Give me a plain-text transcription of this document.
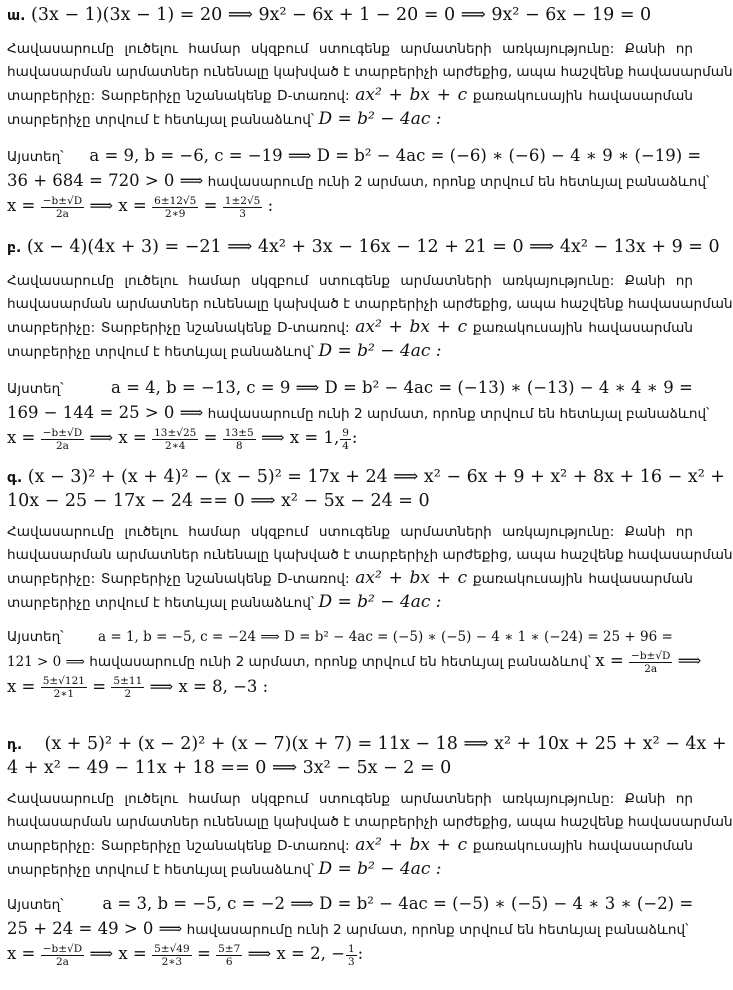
ա. (3x − 1)(3x − 1) = 20 ⟹ 9x² − 6x + 1 − 20 = 0 ⟹ 9x² − 6x − 19 = 0
Հավասարումը լուծելու համար սկզբում ստուգենք արմատների առկայությունը: Քանի որ
հավասարման արմատներ ունենալը կախված է տարբերիչի արժեքից, ապա հաշվենք հավասարման
տարբերիչը: Տարբերիչը նշանակենք D-տառով: ax² + bx + c քառակուսային հավասարման
տարբերիչը տրվում է հետևյալ բանաձևով՝ D = b² − 4ac :
Այստեղ՝ a = 9, b = −6, c = −19 ⟹ D = b² − 4ac = (−6) ∗ (−6) − 4 ∗ 9 ∗ (−19) =
36 + 684 = 720 > 0 ⟹ հավասարումը ունի 2 արմատ, որոնք տրվում են հետևյալ բանաձևով՝
$x = \frac{-b\pm√D}{2a}$ ⟹ $x = \frac{6\pm 12√5}{2∗9} = \frac{1\pm 2√5}{3}$ :
բ. (x − 4)(4x + 3) = −21 ⟹ 4x² + 3x − 16x − 12 + 21 = 0 ⟹ 4x² − 13x + 9 = 0
Հավասարումը լուծելու համար սկզբում ստուգենք արմատների առկայությունը: Քանի որ
հավասարման արմատներ ունենալը կախված է տարբերիչի արժեքից, ապա հաշվենք հավասարման
տարբերիչը: Տարբերիչը նշանակենք D-տառով: ax² + bx + c քառակուսային հավասարման
տարբերիչը տրվում է հետևյալ բանաձևով՝ D = b² − 4ac :
Այստեղ՝	a = 4, b = −13, c = 9 ⟹ D = b² − 4ac = (−13) ∗ (−13) − 4 ∗ 4 ∗ 9 =
169 − 144 = 25 > 0 ⟹ հավասարումը ունի 2 արմատ, որոնք տրվում են հետևյալ բանաձևով՝
$x = \frac{-b\pm√D}{2a}$ ⟹ $x = \frac{13\pm√25}{2∗4} = \frac{13\pm 5}{8}$ ⟹ x = 1, $\frac{9}{4}$ :
գ. (x − 3)² + (x + 4)² − (x − 5)² = 17x + 24 ⟹ x² − 6x + 9 + x² + 8x + 16 − x² +
10x − 25 − 17x − 24 == 0 ⟹ x² − 5x − 24 = 0
Հավասարումը լուծելու համար սկզբում ստուգենք արմատների առկայությունը: Քանի որ
հավասարման արմատներ ունենալը կախված է տարբերիչի արժեքից, ապա հաշվենք հավասարման
տարբերիչը: Տարբերիչը նշանակենք D-տառով: ax² + bx + c քառակուսային հավասարման
տարբերիչը տրվում է հետևյալ բանաձևով՝ D = b² − 4ac :
Այստեղ՝	a = 1, b = −5, c = −24 ⟹ D = b² − 4ac = (−5) ∗ (−5) − 4 ∗ 1 ∗ (−24) = 25 + 96 =
121 > 0 ⟹ հավասարումը ունի 2 արմատ, որոնք տրվում են հետևյալ բանաձևով՝ $x = \frac{-b\pm√D}{2a}$ ⟹
$x = \frac{5\pm√121}{2∗1} = \frac{5\pm 11}{2}$ ⟹ x = 8, −3 :
դ. (x + 5)² + (x − 2)² + (x − 7)(x + 7) = 11x − 18 ⟹ x² + 10x + 25 + x² − 4x +
4 + x² − 49 − 11x + 18 == 0 ⟹ 3x² − 5x − 2 = 0
Հավասարումը լուծելու համար սկզբում ստուգենք արմատների առկայությունը: Քանի որ
հավասարման արմատներ ունենալը կախված է տարբերիչի արժեքից, ապա հաշվենք հավասարման
տարբերիչը: Տարբերիչը նշանակենք D-տառով: ax² + bx + c քառակուսային հավասարման
տարբերիչը տրվում է հետևյալ բանաձևով՝ D = b² − 4ac :
Այստեղ՝ a = 3, b = −5, c = −2 ⟹ D = b² − 4ac = (−5) ∗ (−5) − 4 ∗ 3 ∗ (−2) =
25 + 24 = 49 > 0 ⟹ հավասարումը ունի 2 արմատ, որոնք տրվում են հետևյալ բանաձևով՝
$x = \frac{-b\pm√D}{2a}$ ⟹ $x = \frac{5\pm√49}{2∗3} = \frac{5\pm 7}{6}$ ⟹ x = 2, − $\frac{1}{3}$ :
